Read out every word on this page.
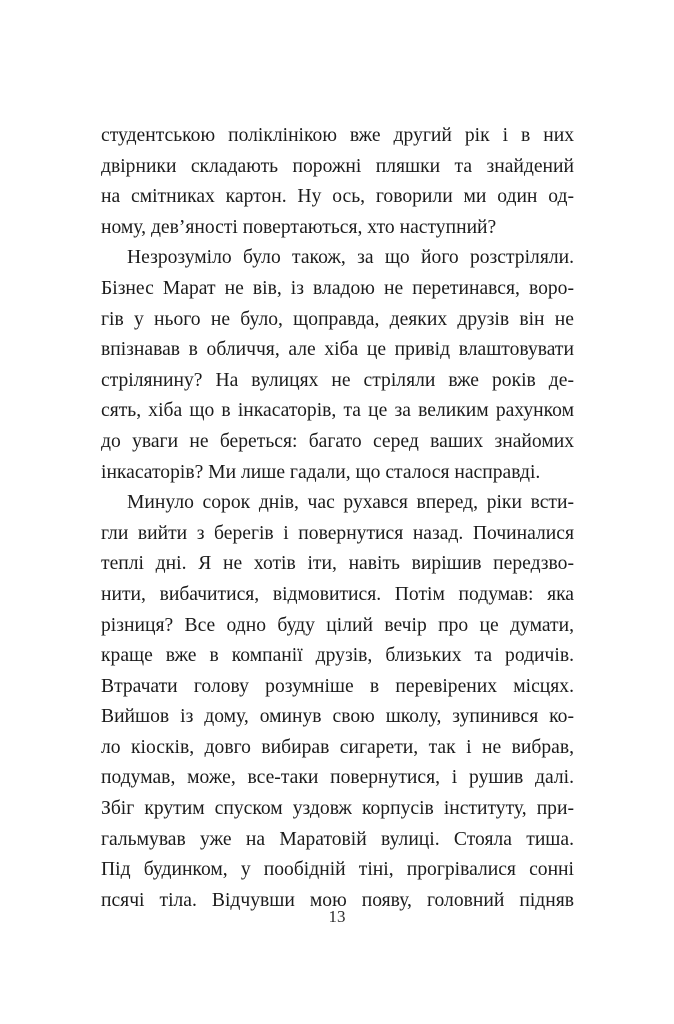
студентською поліклінікою вже другий рік і в них
двірники складають порожні пляшки та знайдений
на смітниках картон. Ну ось, говорили ми один од-
ному, дев’яності повертаються, хто наступний?
Незрозуміло було також, за що його розстріляли.
Бізнес Марат не вів, із владою не перетинався, воро-
гів у нього не було, щоправда, деяких друзів він не
впізнавав в обличчя, але хіба це привід влаштовувати
стрілянину? На вулицях не стріляли вже років де-
сять, хіба що в інкасаторів, та це за великим рахунком
до уваги не береться: багато серед ваших знайомих
інкасаторів? Ми лише гадали, що сталося насправді.
Минуло сорок днів, час рухався вперед, ріки всти-
гли вийти з берегів і повернутися назад. Починалися
теплі дні. Я не хотів іти, навіть вирішив передзво-
нити, вибачитися, відмовитися. Потім подумав: яка
різниця? Все одно буду цілий вечір про це думати,
краще вже в компанії друзів, близьких та родичів.
Втрачати голову розумніше в перевірених місцях.
Вийшов із дому, оминув свою школу, зупинився ко-
ло кіосків, довго вибирав сигарети, так і не вибрав,
подумав, може, все-таки повернутися, і рушив далі.
Збіг крутим спуском уздовж корпусів інституту, при-
гальмував уже на Маратовій вулиці. Стояла тиша.
Під будинком, у пообідній тіні, прогрівалися сонні
псячі тіла. Відчувши мою появу, головний підняв
13
